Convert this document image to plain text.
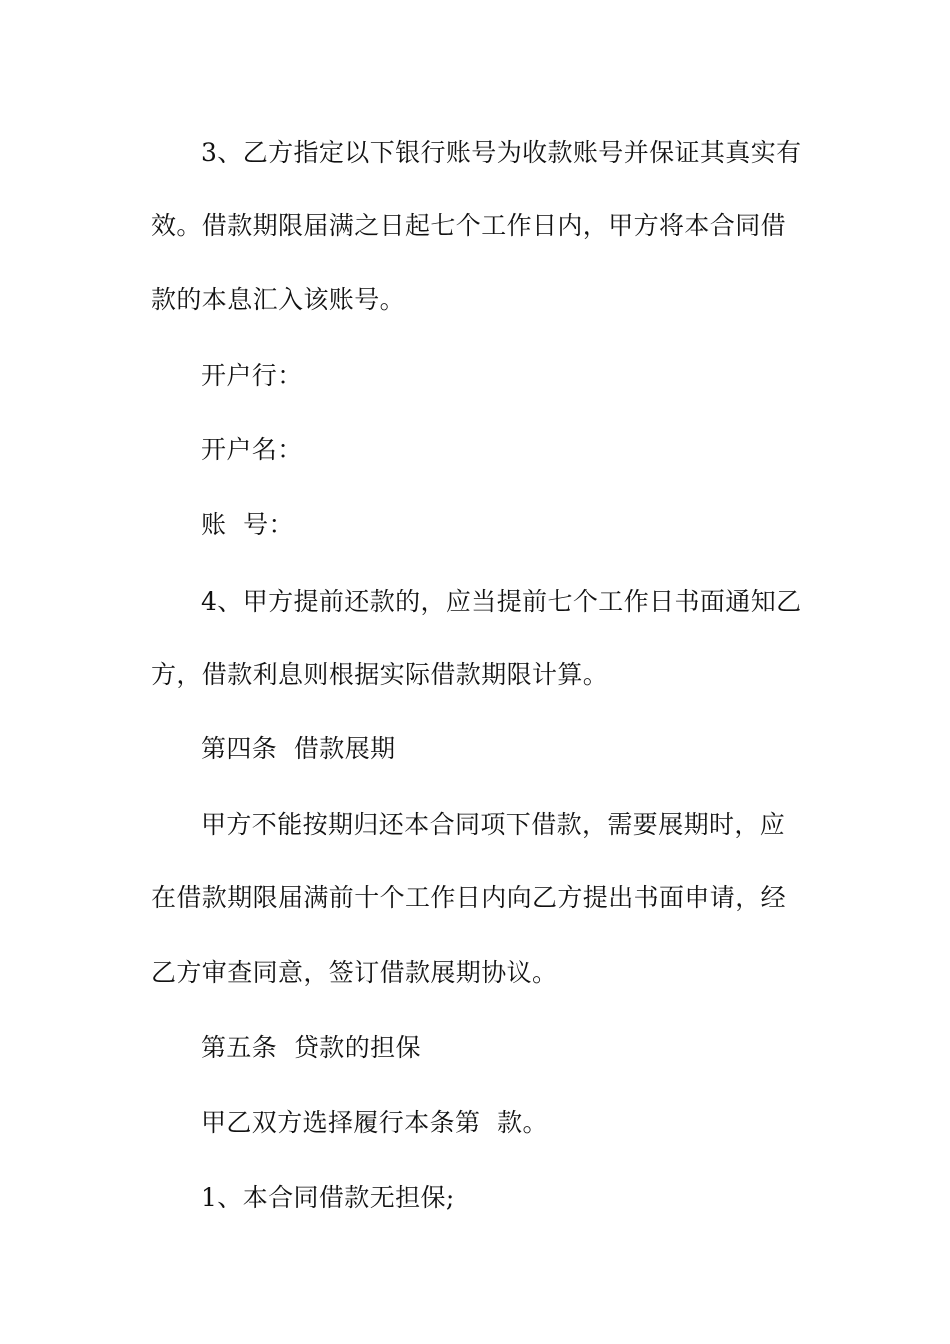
3、乙方指定以下银行账号为收款账号并保证其真实有
效。借款期限届满之日起七个工作日内，甲方将本合同借
款的本息汇入该账号。
开户行：
开户名：
账  号：
4、甲方提前还款的，应当提前七个工作日书面通知乙
方，借款利息则根据实际借款期限计算。
第四条  借款展期
甲方不能按期归还本合同项下借款，需要展期时，应
在借款期限届满前十个工作日内向乙方提出书面申请，经
乙方审查同意，签订借款展期协议。
第五条  贷款的担保
甲乙双方选择履行本条第  款。
1、本合同借款无担保;
